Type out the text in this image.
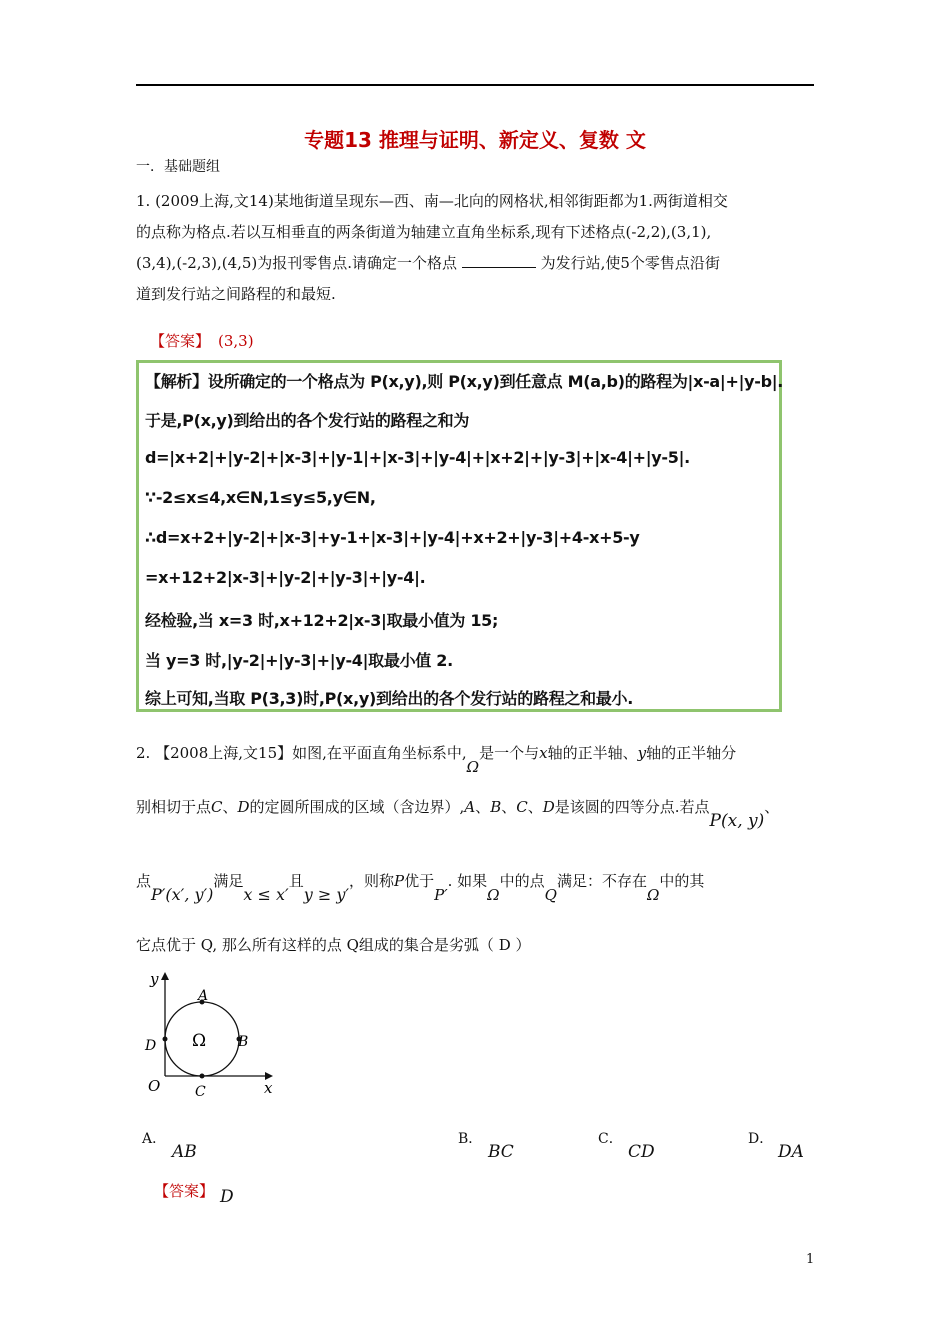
专题13 推理与证明、新定义、复数 文
一．基础题组
1. (2009上海,文14)某地街道呈现东—西、南—北向的网格状,相邻街距都为1.两街道相交
的点称为格点.若以互相垂直的两条街道为轴建立直角坐标系,现有下述格点(-2,2),(3,1),
(3,4),(-2,3),(4,5)为报刊零售点.请确定一个格点	为发行站,使5个零售点沿街
道到发行站之间路程的和最短.
【答案】 (3,3)
【解析】设所确定的一个格点为 P(x,y),则 P(x,y)到任意点 M(a,b)的路程为|x-a|+|y-b|.
于是,P(x,y)到给出的各个发行站的路程之和为
d=|x+2|+|y-2|+|x-3|+|y-1|+|x-3|+|y-4|+|x+2|+|y-3|+|x-4|+|y-5|.
∵-2≤x≤4,x∈N,1≤y≤5,y∈N,
∴d=x+2+|y-2|+|x-3|+y-1+|x-3|+|y-4|+x+2+|y-3|+4-x+5-y
=x+12+2|x-3|+|y-2|+|y-3|+|y-4|.
经检验,当 x=3 时,x+12+2|x-3|取最小值为 15;
当 y=3 时,|y-2|+|y-3|+|y-4|取最小值 2.
综上可知,当取 P(3,3)时,P(x,y)到给出的各个发行站的路程之和最小.
2. 【2008上海,文15】如图,在平面直角坐标系中,Ω是一个与x轴的正半轴、y轴的正半轴分
别相切于点C、D的定圆所围成的区域（含边界）,A、B、C、D是该圆的四等分点.若点P(x, y)、
点P′(x′, y′)满足x ≤ x′且y ≥ y′，则称P优于P′. 如果Ω中的点Q满足：不存在Ω中的其
它点优于 Q, 那么所有这样的点 Q组成的集合是劣弧（ D ）
y
x
O
A
B
C
D Ω
A．
AB
B．
BC
C．
CD
D．
DA
【答案】 D
1
